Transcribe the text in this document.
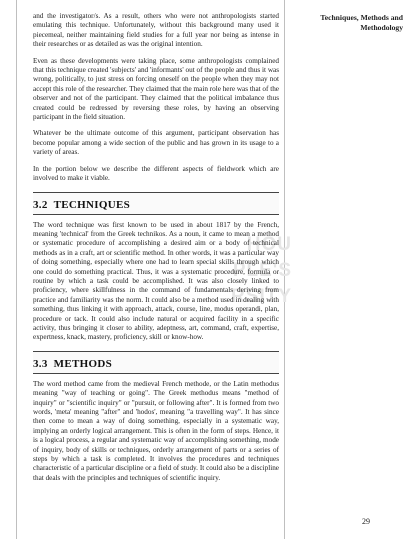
HOU
PLE'S
RSITY
Techniques, Methods and Methodology

and the investigator/s. As a result, others who were not anthropologists started emulating this technique. Unfortunately, without this background many used it piecemeal, neither maintaining field studies for a full year nor being as intense in their researches or as detailed as was the original intention.

Even as these developments were taking place, some anthropologists complained that this technique created 'subjects' and 'informants' out of the people and thus it was wrong, politically, to just stress on forcing oneself on the people when they may not accept this role of the researcher. They claimed that the main role here was that of the observer and not of the participant. They claimed that the political imbalance thus created could be redressed by reversing these roles, by having an observing participant in the field situation.

Whatever be the ultimate outcome of this argument, participant observation has become popular among a wide section of the public and has grown in its usage to a variety of areas.

In the portion below we describe the different aspects of fieldwork which are involved to make it viable.

3.2 TECHNIQUES

The word technique was first known to be used in about 1817 by the French, meaning 'technical' from the Greek technikos. As a noun, it came to mean a method or systematic procedure of accomplishing a desired aim or a body of technical methods as in a craft, art or scientific method. In other words, it was a particular way of doing something, especially where one had to learn special skills through which one could do something practical. Thus, it was a systematic procedure, formula or routine by which a task could be accomplished. It was also closely linked to proficiency, where skillfulness in the command of fundamentals deriving from practice and familiarity was the norm. It could also be a method used in dealing with something, thus linking it with approach, attack, course, line, modus operandi, plan, procedure or tack. It could also include natural or acquired facility in a specific activity, thus bringing it closer to ability, adeptness, art, command, craft, expertise, expertness, knack, mastery, proficiency, skill or know-how.

3.3 METHODS

The word method came from the medieval French methode, or the Latin methodus meaning "way of teaching or going". The Greek methodus means "method of inquiry" or "scientific inquiry" or "pursuit, or following after". It is formed from two words, 'meta' meaning "after" and 'hodos', meaning "a travelling way". It has since then come to mean a way of doing something, especially in a systematic way, implying an orderly logical arrangement. This is often in the form of steps. Hence, it is a logical process, a regular and systematic way of accomplishing something, mode of inquiry, body of skills or techniques, orderly arrangement of parts or a series of steps by which a task is completed. It involves the procedures and techniques characteristic of a particular discipline or a field of study. It could also be a discipline that deals with the principles and techniques of scientific inquiry.

29
